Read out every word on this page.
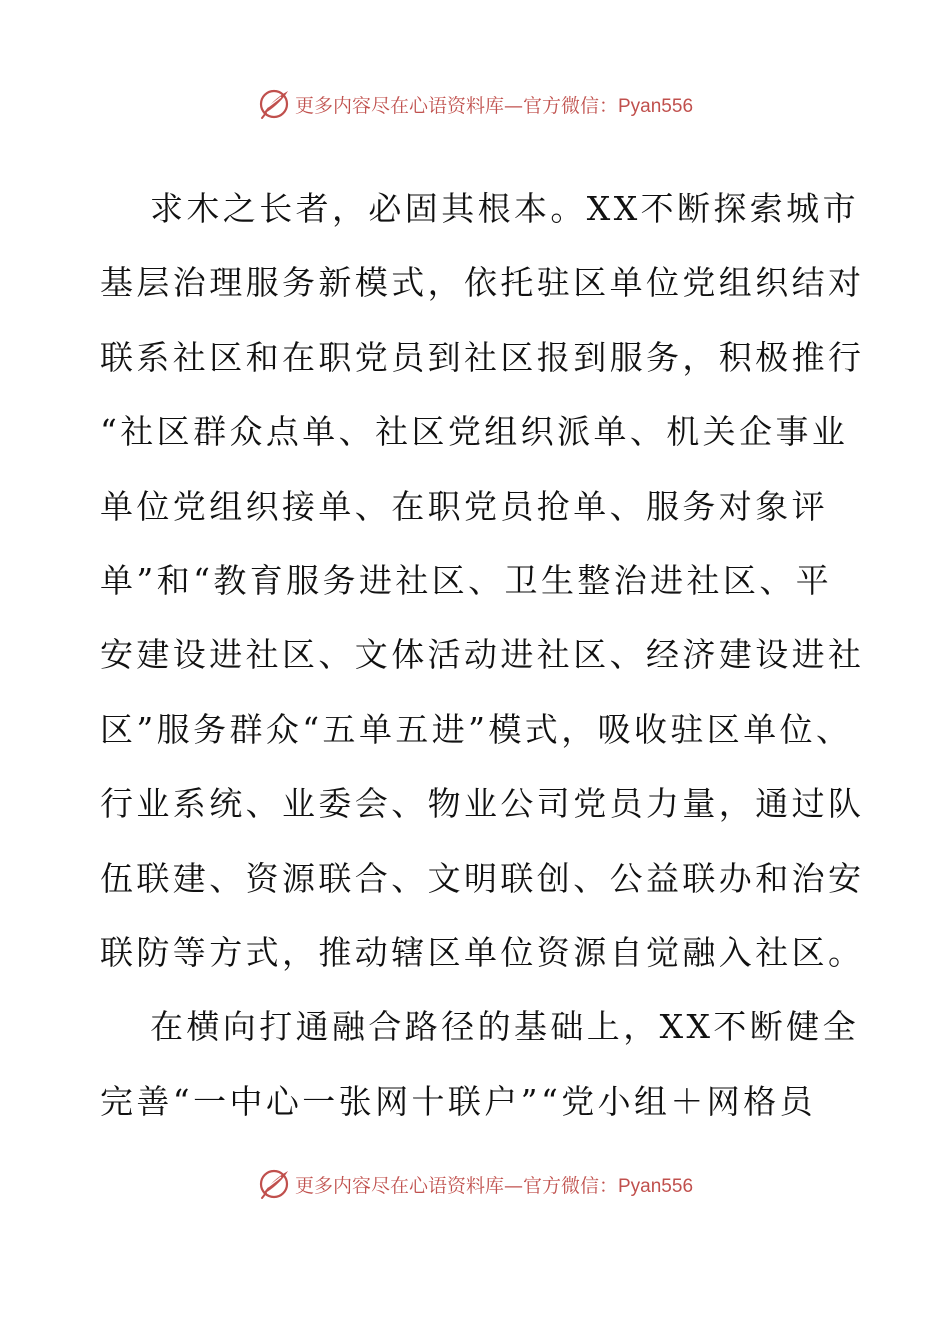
更多内容尽在心语资料库—官方微信：Pyan556
求木之长者，必固其根本。XX不断探索城市
基层治理服务新模式，依托驻区单位党组织结对
联系社区和在职党员到社区报到服务，积极推行
“社区群众点单、社区党组织派单、机关企事业
单位党组织接单、在职党员抢单、服务对象评
单”和“教育服务进社区、卫生整治进社区、平
安建设进社区、文体活动进社区、经济建设进社
区”服务群众“五单五进”模式，吸收驻区单位、
行业系统、业委会、物业公司党员力量，通过队
伍联建、资源联合、文明联创、公益联办和治安
联防等方式，推动辖区单位资源自觉融入社区。
在横向打通融合路径的基础上，XX不断健全
完善“一中心一张网十联户”“党小组＋网格员
更多内容尽在心语资料库—官方微信：Pyan556
